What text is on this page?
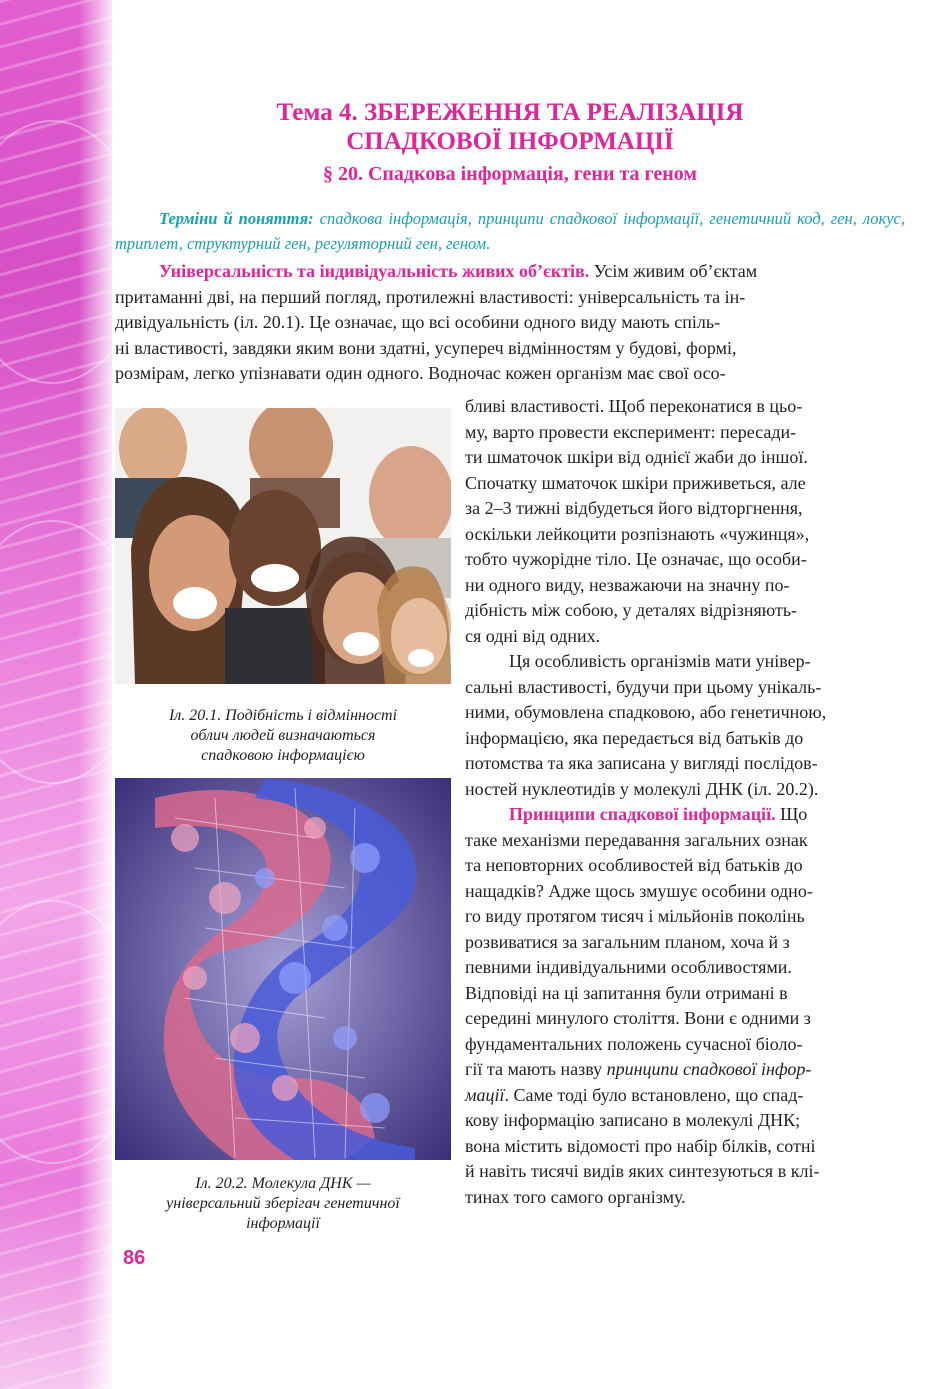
Тема 4. ЗБЕРЕЖЕННЯ ТА РЕАЛІЗАЦІЯ
СПАДКОВОЇ ІНФОРМАЦІЇ
§ 20. Спадкова інформація, гени та геном
Терміни й поняття: спадкова інформація, принципи спадкової інформації, генетичний код, ген, локус, триплет, структурний ген, регуляторний ген, геном.
Універсальність та індивідуальність живих об’єктів. Усім живим об’єктам
притаманні дві, на перший погляд, протилежні властивості: універсальність та ін-
дивідуальність (іл. 20.1). Це означає, що всі особини одного виду мають спіль-
ні властивості, завдяки яким вони здатні, усупереч відмінностям у будові, формі,
розмірам, легко упізнавати один одного. Водночас кожен організм має свої осо-
Іл. 20.1. Подібність і відмінності
облич людей визначаються
спадковою інформацією
Іл. 20.2. Молекула ДНК —
універсальний зберігач генетичної
інформації
бливі властивості. Щоб переконатися в цьо-
му, варто провести експеримент: пересади-
ти шматочок шкіри від однієї жаби до іншої.
Спочатку шматочок шкіри приживеться, але
за 2–3 тижні відбудеться його відторгнення,
оскільки лейкоцити розпізнають «чужинця»,
тобто чужорідне тіло. Це означає, що особи-
ни одного виду, незважаючи на значну по-
дібність між собою, у деталях відрізняють-
ся одні від одних.
Ця особливість організмів мати універ-
сальні властивості, будучи при цьому унікаль-
ними, обумовлена спадковою, або генетичною,
інформацією, яка передається від батьків до
потомства та яка записана у вигляді послідов-
ностей нуклеотидів у молекулі ДНК (іл. 20.2).
Принципи спадкової інформації. Що
таке механізми передавання загальних ознак
та неповторних особливостей від батьків до
нащадків? Адже щось змушує особини одно-
го виду протягом тисяч і мільйонів поколінь
розвиватися за загальним планом, хоча й з
певними індивідуальними особливостями.
Відповіді на ці запитання були отримані в
середині минулого століття. Вони є одними з
фундаментальних положень сучасної біоло-
гії та мають назву принципи спадкової інфор-
мації. Саме тоді було встановлено, що спад-
кову інформацію записано в молекулі ДНК;
вона містить відомості про набір білків, сотні
й навіть тисячі видів яких синтезуються в клі-
тинах того самого організму.
86
